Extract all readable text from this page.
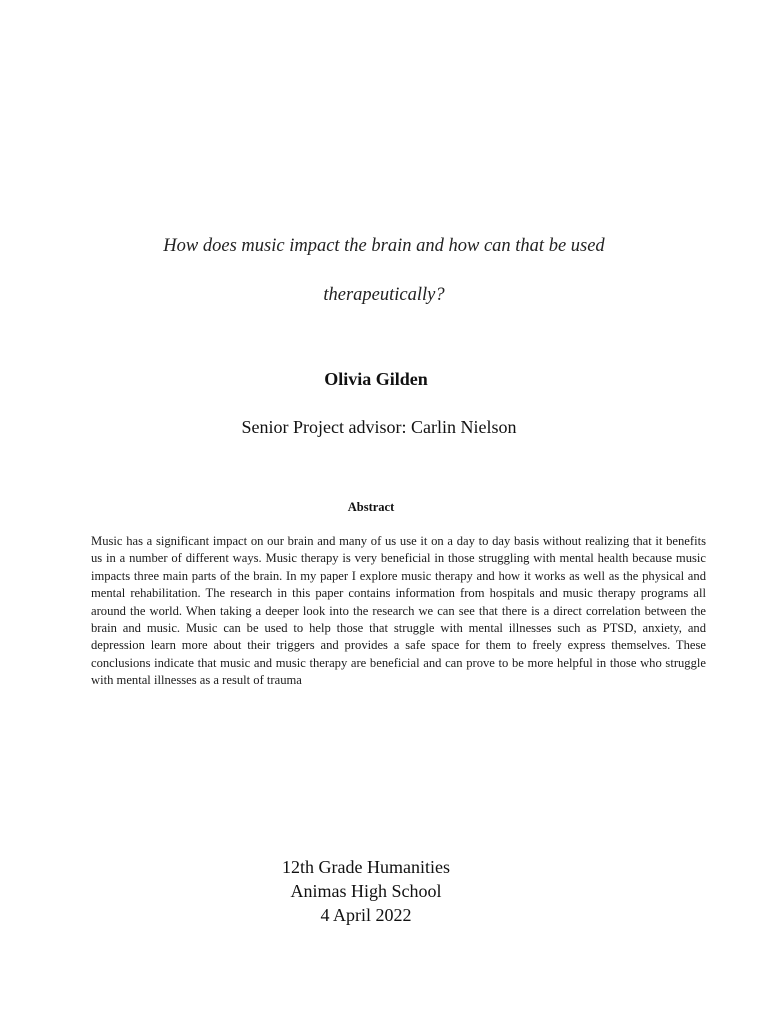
How does music impact the brain and how can that be used

therapeutically?

Olivia Gilden

Senior Project advisor: Carlin Nielson

Abstract

Music has a significant impact on our brain and many of us use it on a day to day basis without realizing that it benefits us in a number of different ways. Music therapy is very beneficial in those struggling with mental health because music impacts three main parts of the brain. In my paper I explore music therapy and how it works as well as the physical and mental rehabilitation. The research in this paper contains information from hospitals and music therapy programs all around the world. When taking a deeper look into the research we can see that there is a direct correlation between the brain and music. Music can be used to help those that struggle with mental illnesses such as PTSD, anxiety, and depression learn more about their triggers and provides a safe space for them to freely express themselves. These conclusions indicate that music and music therapy are beneficial and can prove to be more helpful in those who struggle with mental illnesses as a result of trauma

12th Grade Humanities
Animas High School
4 April 2022
